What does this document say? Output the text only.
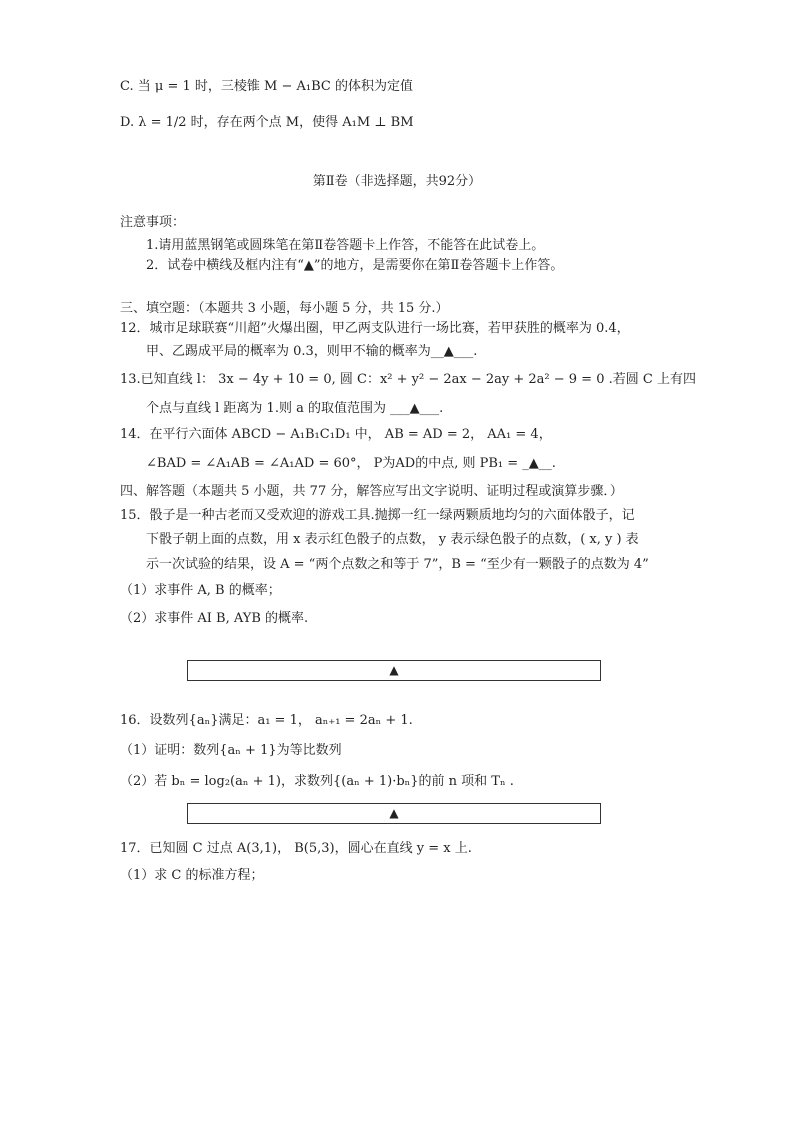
C. 当 μ = 1 时，三棱锥 M − A₁BC 的体积为定值
D. λ = 1/2 时，存在两个点 M，使得 A₁M ⊥ BM
第Ⅱ卷（非选择题，共92分）
注意事项：
1.请用蓝黑钢笔或圆珠笔在第Ⅱ卷答题卡上作答，不能答在此试卷上。
2．试卷中横线及框内注有“▲”的地方，是需要你在第Ⅱ卷答题卡上作答。
三、填空题：（本题共 3 小题，每小题 5 分，共 15 分.）
12．城市足球联赛“川超”火爆出圈，甲乙两支队进行一场比赛，若甲获胜的概率为 0.4，
甲、乙踢成平局的概率为 0.3，则甲不输的概率为__▲___.
13.已知直线 l： 3x − 4y + 10 = 0, 圆 C：x² + y² − 2ax − 2ay + 2a² − 9 = 0 .若圆 C 上有四
个点与直线 l 距离为 1.则 a 的取值范围为 ___▲___.
14．在平行六面体 ABCD − A₁B₁C₁D₁ 中， AB = AD = 2， AA₁ = 4，
∠BAD = ∠A₁AB = ∠A₁AD = 60°， P为AD的中点, 则 PB₁ = _▲__.
四、解答题（本题共 5 小题，共 77 分，解答应写出文字说明、证明过程或演算步骤．）
15．骰子是一种古老而又受欢迎的游戏工具.抛掷一红一绿两颗质地均匀的六面体骰子，记
下骰子朝上面的点数，用 x 表示红色骰子的点数， y 表示绿色骰子的点数，( x, y ) 表
示一次试验的结果，设 A = “两个点数之和等于 7”，B = “至少有一颗骰子的点数为 4”
（1）求事件 A, B 的概率；
（2）求事件 AI B, AYB 的概率.
▲
16．设数列{aₙ}满足：a₁ = 1， aₙ₊₁ = 2aₙ + 1.
（1）证明：数列{aₙ + 1}为等比数列
（2）若 bₙ = log₂(aₙ + 1)，求数列{(aₙ + 1)·bₙ}的前 n 项和 Tₙ .
▲
17．已知圆 C 过点 A(3,1)， B(5,3)，圆心在直线 y = x 上.
（1）求 C 的标准方程；
